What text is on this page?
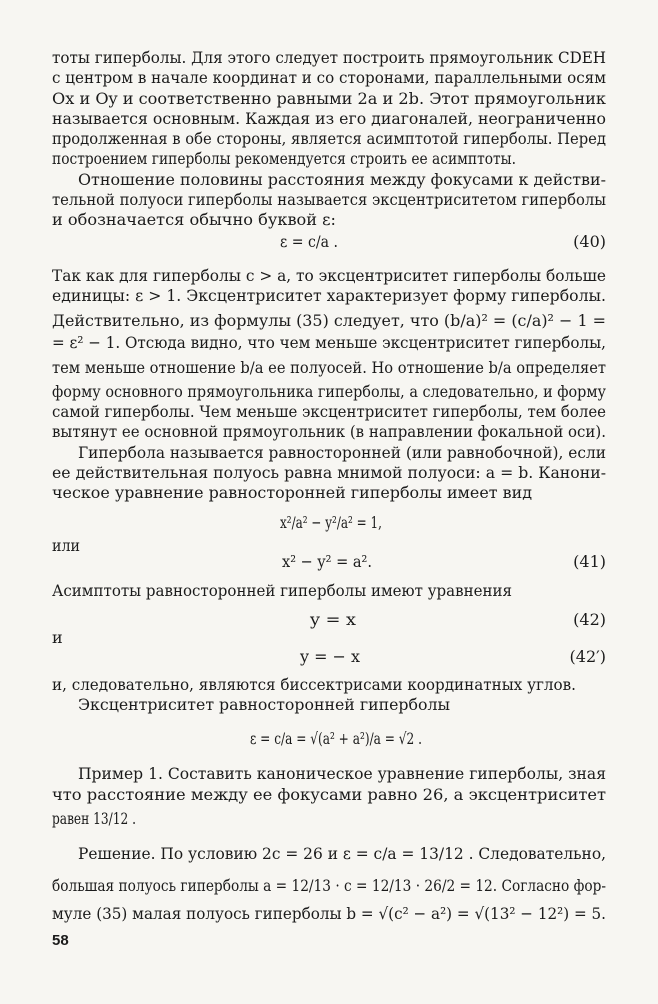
тоты гиперболы. Для этого следует построить прямоугольник CDEH
с центром в начале координат и со сторонами, параллельными осям
Ox и Oy и соответственно равными 2a и 2b. Этот прямоугольник
называется основным. Каждая из его диагоналей, неограниченно
продолженная в обе стороны, является асимптотой гиперболы. Перед
построением гиперболы рекомендуется строить ее асимптоты.
Отношение половины расстояния между фокусами к действи-
тельной полуоси гиперболы называется эксцентриситетом гиперболы
и обозначается обычно буквой ε:
ε = c/a .	(40)
Так как для гиперболы c > a, то эксцентриситет гиперболы больше
единицы: ε > 1. Эксцентриситет характеризует форму гиперболы.
Действительно, из формулы (35) следует, что (b/a)² = (c/a)² − 1 =
= ε² − 1. Отсюда видно, что чем меньше эксцентриситет гиперболы,
тем меньше отношение b/a ее полуосей. Но отношение b/a определяет
форму основного прямоугольника гиперболы, а следовательно, и форму
самой гиперболы. Чем меньше эксцентриситет гиперболы, тем более
вытянут ее основной прямоугольник (в направлении фокальной оси).
Гипербола называется равносторонней (или равнобочной), если
ее действительная полуось равна мнимой полуоси: a = b. Канони-
ческое уравнение равносторонней гиперболы имеет вид
x²/a² − y²/a² = 1,
или
x² − y² = a².	(41)
Асимптоты равносторонней гиперболы имеют уравнения
y = x	(42)
и
y = − x	(42′)
и, следовательно, являются биссектрисами координатных углов.
Эксцентриситет равносторонней гиперболы
ε = c/a = √(a² + a²)/a = √2 .
Пример 1. Составить каноническое уравнение гиперболы, зная
что расстояние между ее фокусами равно 26, а эксцентриситет
равен 13/12 .
Решение. По условию 2c = 26 и ε = c/a = 13/12 . Следовательно,
большая полуось гиперболы a = 12/13 · c = 12/13 · 26/2 = 12. Согласно фор-
муле (35) малая полуось гиперболы b = √(c² − a²) = √(13² − 12²) = 5.
58
